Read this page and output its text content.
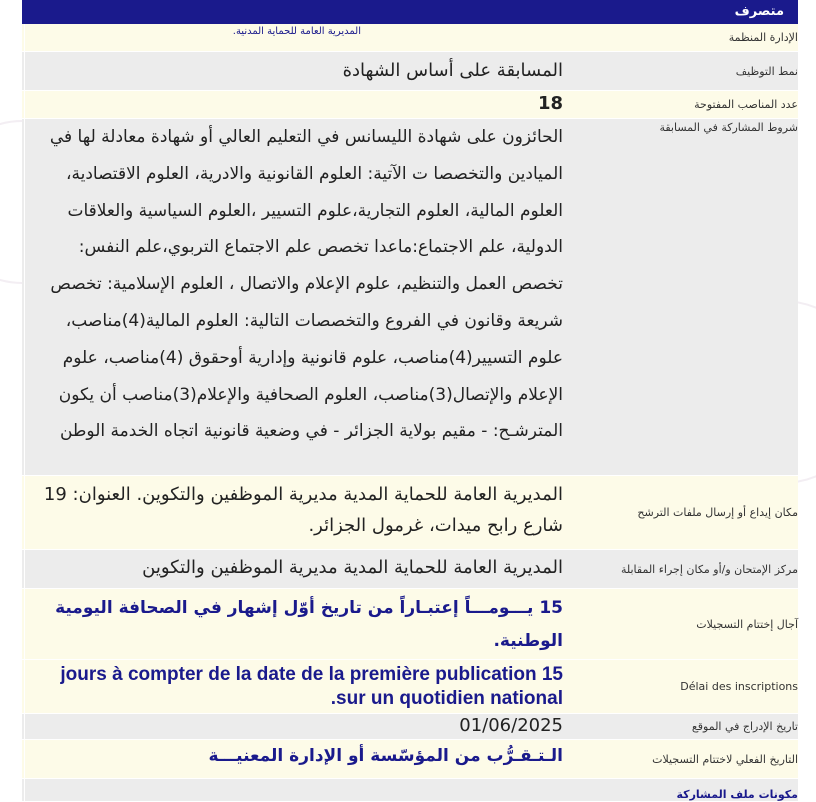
متصرف
الإدارة المنظمة
المديرية العامة للحماية المدنية.
نمط التوظيف
المسابقة على أساس الشهادة
عدد المناصب المفتوحة
18
شروط المشاركة في المسابقة
الحائزون على شهادة الليسانس في التعليم العالي أو شهادة معادلة لها في الميادين والتخصصا ت الآتية: العلوم القانونية والادرية، العلوم الاقتصادية، العلوم المالية، العلوم التجارية،علوم التسيير ،العلوم السياسية والعلاقات الدولية، علم الاجتماع:ماعدا تخصص علم الاجتماع التربوي،علم النفس: تخصص العمل والتنظيم، علوم الإعلام والاتصال ، العلوم الإسلامية: تخصص شريعة وقانون في الفروع والتخصصات التالية: العلوم المالية(4)مناصب، علوم التسيير(4)مناصب، علوم قانونية وإدارية أوحقوق (4)مناصب، علوم الإعلام والإتصال(3)مناصب، العلوم الصحافية والإعلام(3)مناصب أن يكون المترشـح: - مقيم بولاية الجزائر - في وضعية قانونية اتجاه الخدمة الوطن
مكان إيداع أو إرسال ملفات الترشح
المديرية العامة للحماية المدية مديرية الموظفين والتكوين. العنوان: 19 شارع رابح ميدات، غرمول الجزائر.
مركز الإمتحان و/أو مكان إجراء المقابلة
المديرية العامة للحماية المدية مديرية الموظفين والتكوين
آجال إختتام التسجيلات
15 يـــومـــاً إعتبـاراً من تاريخ أوّل إشهار في الصحافة اليومية الوطنية.
Délai des inscriptions
jours à compter de la date de la première publication 15 .sur un quotidien national
تاريخ الإدراج في الموقع
01/06/2025
التاريخ الفعلي لاختتام التسجيلات
الـتـقـرُّب من المؤسّسة أو الإدارة المعنيـــة
مكونات ملف المشاركة
